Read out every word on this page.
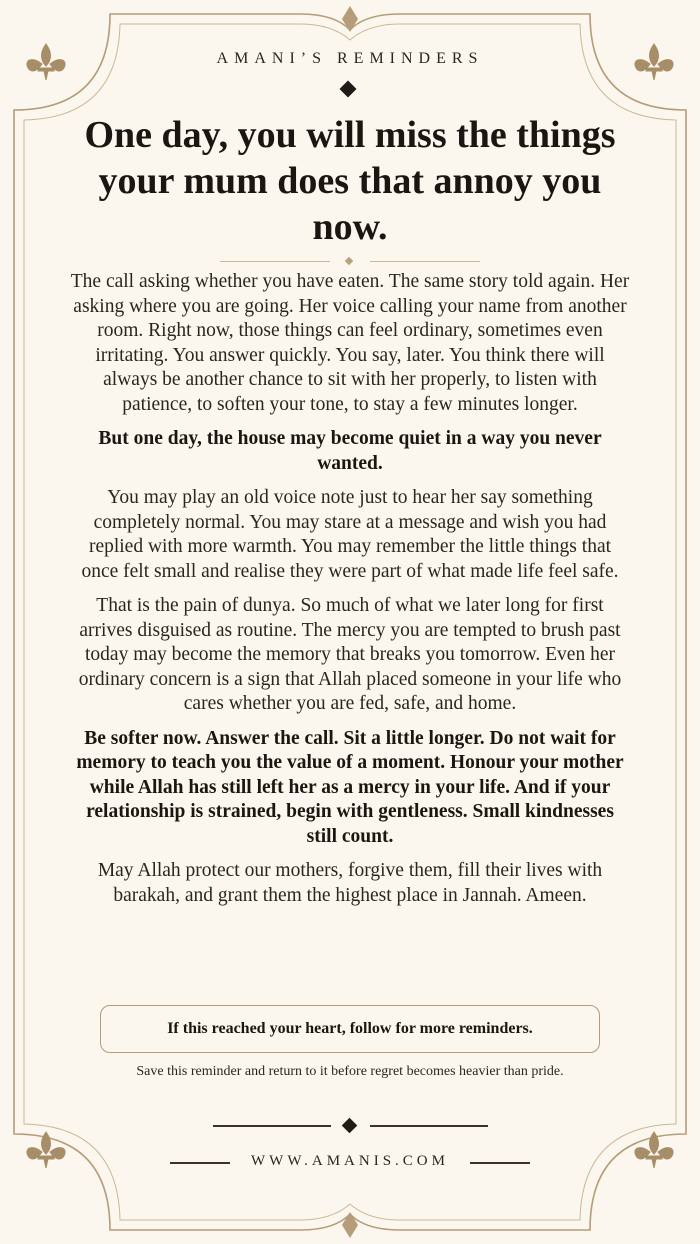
AMANI’S REMINDERS
One day, you will miss the things your mum does that annoy you now.

The call asking whether you have eaten. The same story told again. Her asking where you are going. Her voice calling your name from another room. Right now, those things can feel ordinary, sometimes even irritating. You answer quickly. You say, later. You think there will always be another chance to sit with her properly, to listen with patience, to soften your tone, to stay a few minutes longer.

But one day, the house may become quiet in a way you never wanted.

You may play an old voice note just to hear her say something completely normal. You may stare at a message and wish you had replied with more warmth. You may remember the little things that once felt small and realise they were part of what made life feel safe.

That is the pain of dunya. So much of what we later long for first arrives disguised as routine. The mercy you are tempted to brush past today may become the memory that breaks you tomorrow. Even her ordinary concern is a sign that Allah placed someone in your life who cares whether you are fed, safe, and home.

Be softer now. Answer the call. Sit a little longer. Do not wait for memory to teach you the value of a moment. Honour your mother while Allah has still left her as a mercy in your life. And if your relationship is strained, begin with gentleness. Small kindnesses still count.

May Allah protect our mothers, forgive them, fill their lives with barakah, and grant them the highest place in Jannah. Ameen.

If this reached your heart, follow for more reminders.
Save this reminder and return to it before regret becomes heavier than pride.
WWW.AMANIS.COM
